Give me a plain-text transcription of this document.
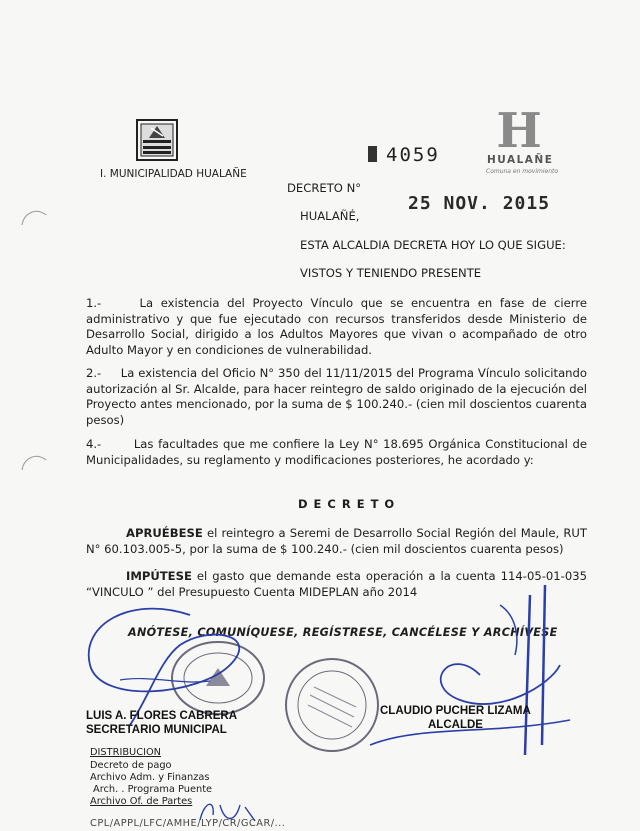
I. MUNICIPALIDAD HUALAÑE
4059 H
HUALAÑE
Comuna en movimiento
DECRETO N°
HUALAÑÉ,
25 NOV. 2015
ESTA ALCALDIA DECRETA HOY LO QUE SIGUE:
VISTOS Y TENIENDO PRESENTE
1.-	La existencia del Proyecto Vínculo que se encuentra en fase de cierre administrativo y que fue ejecutado con recursos transferidos desde Ministerio de Desarrollo Social, dirigido a los Adultos Mayores que vivan o acompañado de otro Adulto Mayor y en condiciones de vulnerabilidad.
2.- La existencia del Oficio N° 350 del 11/11/2015 del Programa Vínculo solicitando autorización al Sr. Alcalde, para hacer reintegro de saldo originado de la ejecución del Proyecto antes mencionado, por la suma de $ 100.240.- (cien mil doscientos cuarenta pesos)
4.-	Las facultades que me confiere la Ley N° 18.695 Orgánica Constitucional de Municipalidades, su reglamento y modificaciones posteriores, he acordado y:
D E C R E T O
APRUÉBESE el reintegro a Seremi de Desarrollo Social Región del Maule, RUT N° 60.103.005-5, por la suma de $ 100.240.- (cien mil doscientos cuarenta pesos)
IMPÚTESE el gasto que demande esta operación a la cuenta 114-05-01-035 “VINCULO ” del Presupuesto Cuenta MIDEPLAN año 2014
ANÓTESE, COMUNÍQUESE, REGÍSTRESE, CANCÉLESE Y ARCHÍVESE
LUIS A. FLORES CABRERA
SECRETARIO MUNICIPAL
CLAUDIO PUCHER LIZAMA
ALCALDE
DISTRIBUCION
Decreto de pago
Archivo Adm. y Finanzas
Arch. . Programa Puente
Archivo Of. de Partes
CPL/APPL/LFC/AMHE/LYP/CR/GCAR/...
